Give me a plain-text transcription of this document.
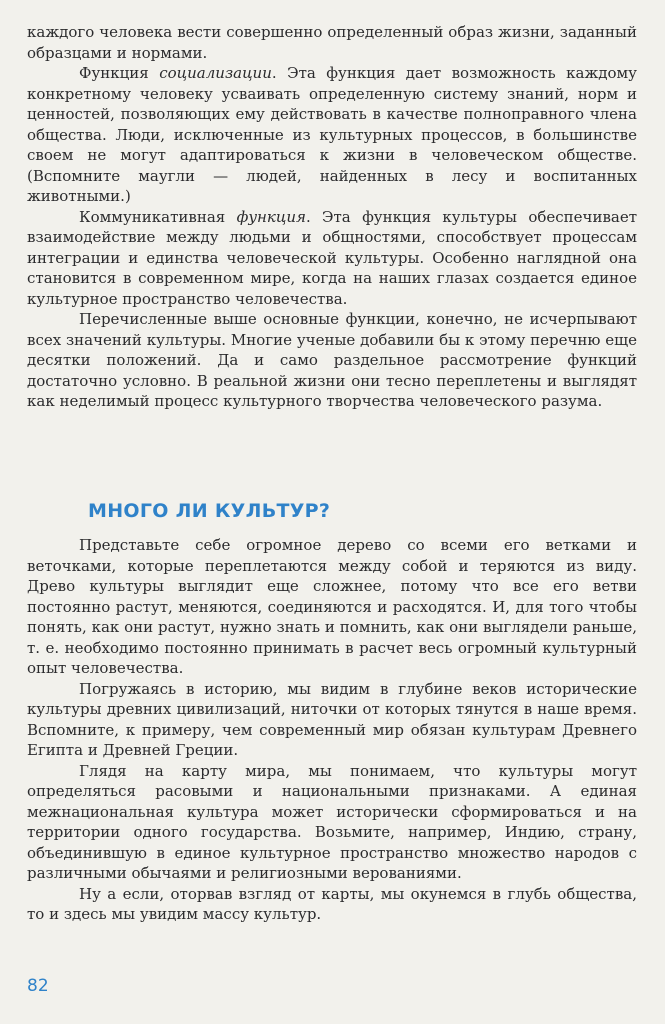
каждого человека вести совершенно определенный образ жизни, заданный образцами и нормами.

Функция социализации. Эта функция дает возможность каждому конкретному человеку усваивать определенную систему знаний, норм и ценностей, позволяющих ему действовать в качестве полноправного члена общества. Люди, исключенные из культурных процессов, в большинстве своем не могут адаптироваться к жизни в человеческом обществе. (Вспомните маугли — людей, найденных в лесу и воспитанных животными.)

Коммуникативная функция. Эта функция культуры обеспечивает взаимодействие между людьми и общностями, способствует процессам интеграции и единства человеческой культуры. Особенно наглядной она становится в современном мире, когда на наших глазах создается единое культурное пространство человечества.

Перечисленные выше основные функции, конечно, не исчерпывают всех значений культуры. Многие ученые добавили бы к этому перечню еще десятки положений. Да и само раздельное рассмотрение функций достаточно условно. В реальной жизни они тесно переплетены и выглядят как неделимый процесс культурного творчества человеческого разума.

МНОГО ЛИ КУЛЬТУР?

Представьте себе огромное дерево со всеми его ветками и веточками, которые переплетаются между собой и теряются из виду. Древо культуры выглядит еще сложнее, потому что все его ветви постоянно растут, меняются, соединяются и расходятся. И, для того чтобы понять, как они растут, нужно знать и помнить, как они выглядели раньше, т. е. необходимо постоянно принимать в расчет весь огромный культурный опыт человечества.

Погружаясь в историю, мы видим в глубине веков исторические культуры древних цивилизаций, ниточки от которых тянутся в наше время. Вспомните, к примеру, чем современный мир обязан культурам Древнего Египта и Древней Греции.

Глядя на карту мира, мы понимаем, что культуры могут определяться расовыми и национальными признаками. А единая межнациональная культура может исторически сформироваться и на территории одного государства. Возьмите, например, Индию, страну, объединившую в единое культурное пространство множество народов с различными обычаями и религиозными верованиями.

Ну а если, оторвав взгляд от карты, мы окунемся в глубь общества, то и здесь мы увидим массу культур.

82
